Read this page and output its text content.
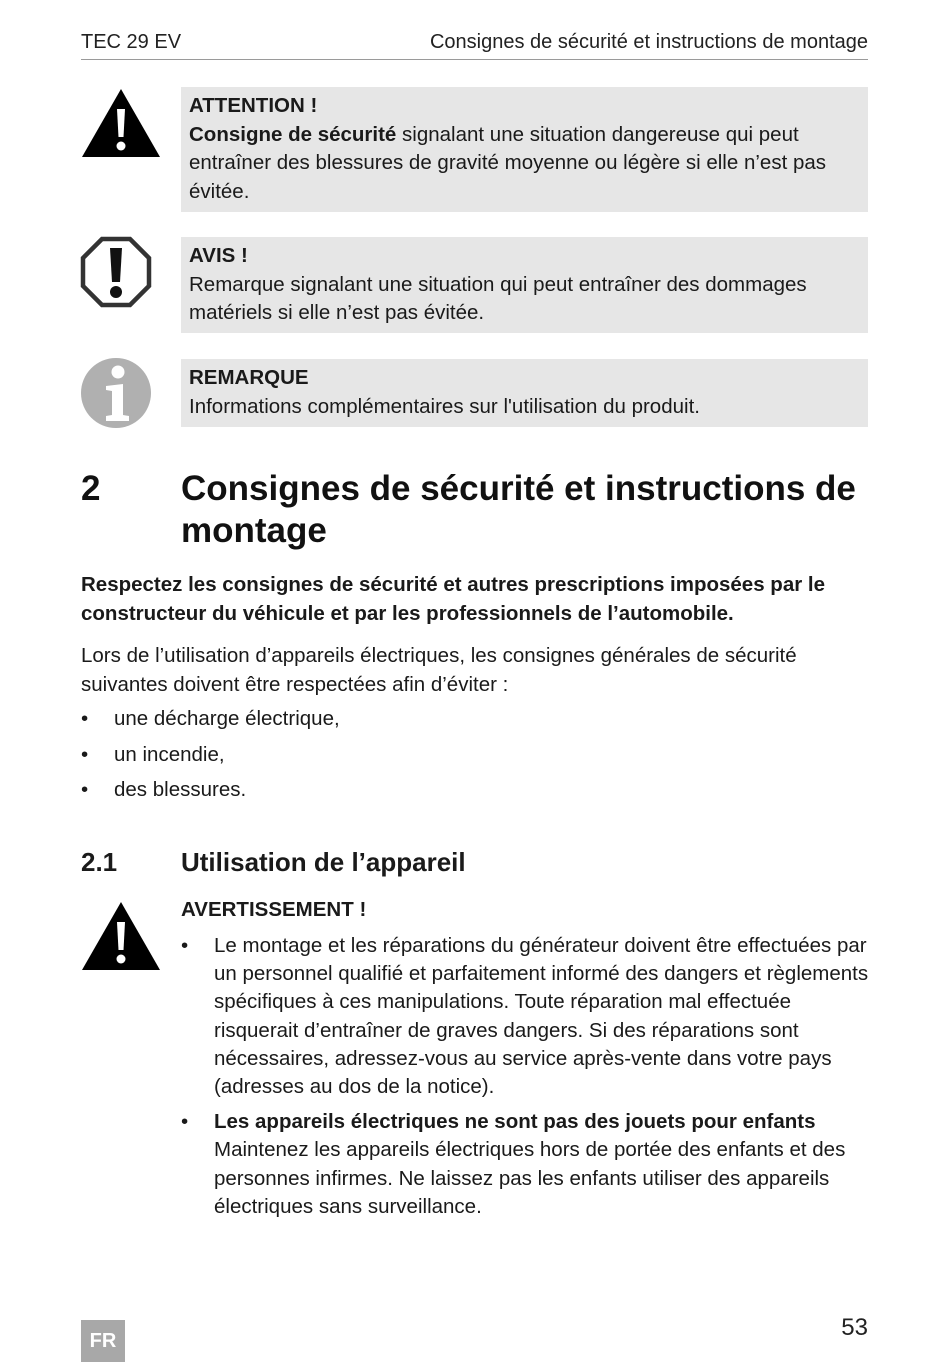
TEC 29 EV	Consignes de sécurité et instructions de montage
ATTENTION !
Consigne de sécurité signalant une situation dangereuse qui peut entraîner des blessures de gravité moyenne ou légère si elle n’est pas évitée.
AVIS !
Remarque signalant une situation qui peut entraîner des dommages matériels si elle n’est pas évitée.
REMARQUE
Informations complémentaires sur l'utilisation du produit.
2 Consignes de sécurité et instructions de montage
Respectez les consignes de sécurité et autres prescriptions imposées par le constructeur du véhicule et par les professionnels de l’automobile.
Lors de l’utilisation d’appareils électriques, les consignes générales de sécurité suivantes doivent être respectées afin d’éviter :
• une décharge électrique,
• un incendie,
• des blessures.
2.1 Utilisation de l’appareil
AVERTISSEMENT !
• Le montage et les réparations du générateur doivent être effectuées par un personnel qualifié et parfaitement informé des dangers et règlements spécifiques à ces manipulations. Toute réparation mal effectuée risquerait d’entraîner de graves dangers. Si des réparations sont nécessaires, adressez-vous au service après-vente dans votre pays (adresses au dos de la notice).
• Les appareils électriques ne sont pas des jouets pour enfants
Maintenez les appareils électriques hors de portée des enfants et des personnes infirmes. Ne laissez pas les enfants utiliser des appareils électriques sans surveillance.
FR	53
